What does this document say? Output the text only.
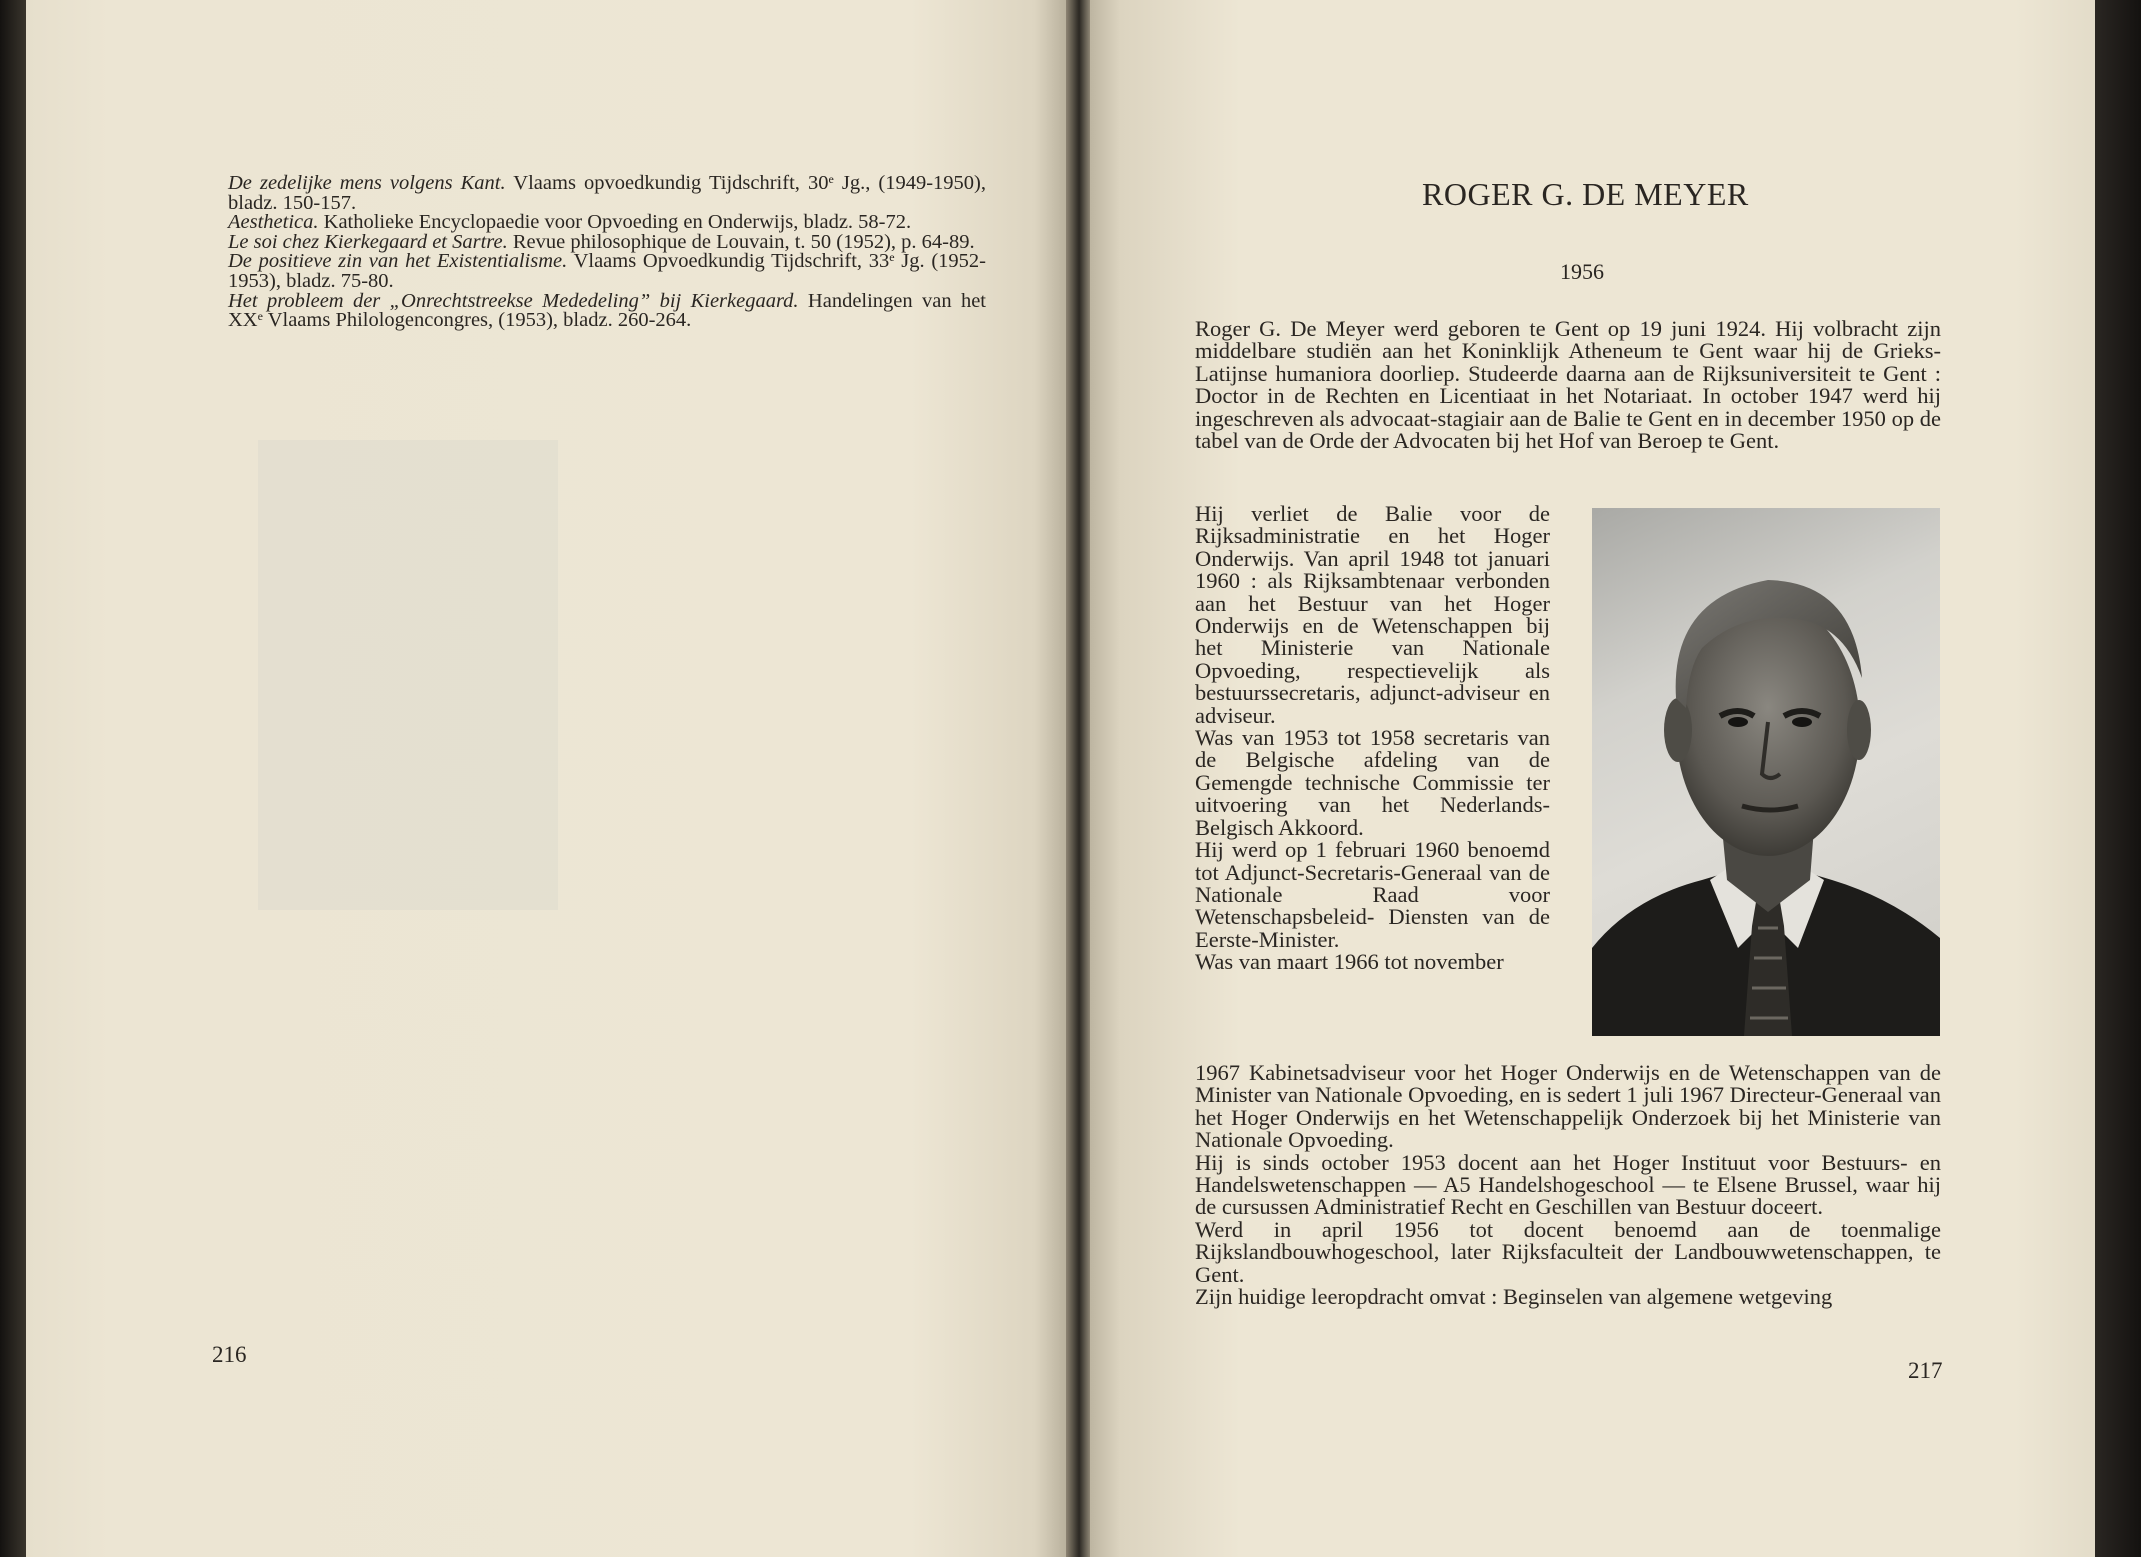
De zedelijke mens volgens Kant. Vlaams opvoedkundig Tijdschrift, 30e Jg., (1949-1950), bladz. 150-157.

Aesthetica. Katholieke Encyclopaedie voor Opvoeding en Onderwijs, bladz. 58-72.

Le soi chez Kierkegaard et Sartre. Revue philosophique de Louvain, t. 50 (1952), p. 64-89.

De positieve zin van het Existentialisme. Vlaams Opvoedkundig Tijdschrift, 33e Jg. (1952-1953), bladz. 75-80.

Het probleem der „Onrechtstreekse Mededeling” bij Kierkegaard. Handelingen van het XXe Vlaams Philologencongres, (1953), bladz. 260-264.

216
ROGER G. DE MEYER
1956

Roger G. De Meyer werd geboren te Gent op 19 juni 1924. Hij volbracht zijn middelbare studiën aan het Koninklijk Atheneum te Gent waar hij de Grieks-Latijnse humaniora doorliep. Studeerde daarna aan de Rijksuniversiteit te Gent : Doctor in de Rechten en Licentiaat in het Notariaat. In october 1947 werd hij ingeschreven als advocaat-stagiair aan de Balie te Gent en in december 1950 op de tabel van de Orde der Advocaten bij het Hof van Beroep te Gent.

Hij verliet de Balie voor de Rijksadministratie en het Hoger Onderwijs. Van april 1948 tot januari 1960 : als Rijksambtenaar verbonden aan het Bestuur van het Hoger Onderwijs en de Wetenschappen bij het Ministerie van Nationale Opvoeding, respectievelijk als bestuurssecretaris, adjunct-adviseur en adviseur.

Was van 1953 tot 1958 secretaris van de Belgische afdeling van de Gemengde technische Commissie ter uitvoering van het Nederlands-Belgisch Akkoord.

Hij werd op 1 februari 1960 benoemd tot Adjunct-Secretaris-Generaal van de Nationale Raad voor Wetenschapsbeleid- Diensten van de Eerste-Minister.

Was van maart 1966 tot november

1967 Kabinetsadviseur voor het Hoger Onderwijs en de Wetenschappen van de Minister van Nationale Opvoeding, en is sedert 1 juli 1967 Directeur-Generaal van het Hoger Onderwijs en het Wetenschappelijk Onderzoek bij het Ministerie van Nationale Opvoeding.

Hij is sinds october 1953 docent aan het Hoger Instituut voor Bestuurs- en Handelswetenschappen — A5 Handelshogeschool — te Elsene Brussel, waar hij de cursussen Administratief Recht en Geschillen van Bestuur doceert.

Werd in april 1956 tot docent benoemd aan de toenmalige Rijkslandbouwhogeschool, later Rijksfaculteit der Landbouwwetenschappen, te Gent.

Zijn huidige leeropdracht omvat : Beginselen van algemene wetgeving

217
